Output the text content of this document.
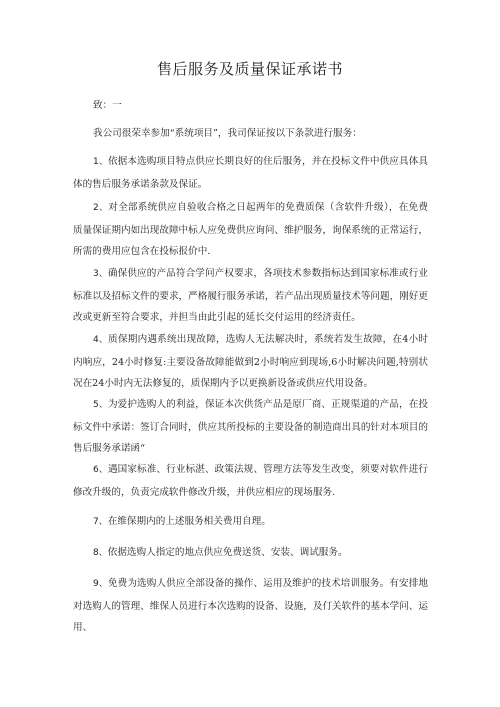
售后服务及质量保证承诺书
致：一
我公司很荣幸参加“系统项目”，我司保证按以下条款进行服务：

1、依据本选购项目特点供应长期良好的住后服务，并在投标文件中供应具体具体的售后服务承诺条款及保证。

2、对全部系统供应自验收合格之日起两年的免费质保（含软件升级），在免费质量保证期内如出现故障中标人应免费供应询问、维护服务，询保系统的正常运行，所需的费用应包含在投标报价中.

3、确保供应的产品符合学问产权要求，各项技术参数指标达到国家标准或行业标准以及招标文件的要求，严格履行服务承诺，若产品出现质量技术等问题，刚好更改或更新至符合要求，并担当由此引起的延长交付运用的经济责任。

4、质保期内遇系统出现故障，选购人无法解决时，系统若发生故障，在4小时内响应，24小时修复:主要设备故障能做到2小时响应到现场,6小时解决问题,特别状况在24小时内无法修复的，质保期内予以更换新设备或供应代用设备。

5、为爱护选购人的利益，保证本次供货产品是原厂商、正规渠道的产品，在投标文件中承诺：签订合同时，供应其所投标的主要设备的制造商出具的针对本项目的售后服务承诺函“

6、遇国家标准、行业标湛、政策法规、管理方法等发生改变，须要对软件进行修改升级的，负责完成软件修改升级，并供应相应的现场服务.

7、在维保期内的上述服务相关费用自理。

8、依据选购人指定的地点供应免费送货、安装、调试服务。

9、免费为选购人供应全部设备的操作、运用及维护的技术培训服务。有安排地对选购人的管理、维保人员进行本次选购的设备、设施，及仃关软件的基本学问、运用、
